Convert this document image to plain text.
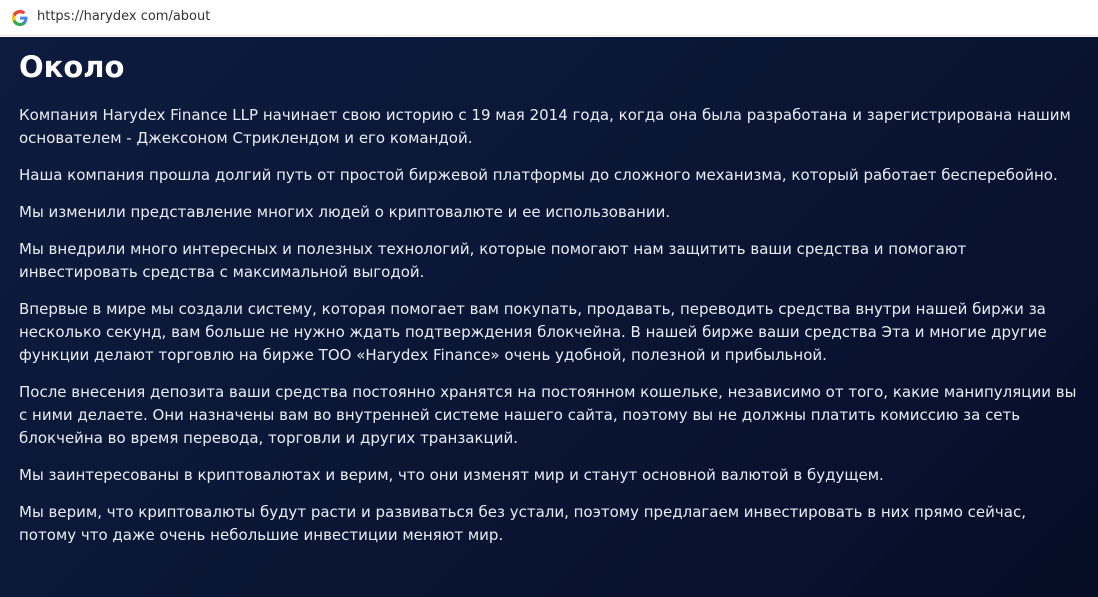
https://harydex com/about
Около

Компания Harydex Finance LLP начинает свою историю с 19 мая 2014 года, когда она была разработана и зарегистрирована нашим основателем - Джексоном Стриклендом и его командой.

Наша компания прошла долгий путь от простой биржевой платформы до сложного механизма, который работает бесперебойно.

Мы изменили представление многих людей о криптовалюте и ее использовании.

Мы внедрили много интересных и полезных технологий, которые помогают нам защитить ваши средства и помогают инвестировать средства с максимальной выгодой.

Впервые в мире мы создали систему, которая помогает вам покупать, продавать, переводить средства внутри нашей биржи за несколько секунд, вам больше не нужно ждать подтверждения блокчейна. В нашей бирже ваши средства Эта и многие другие функции делают торговлю на бирже ТОО «Harydex Finance» очень удобной, полезной и прибыльной.

После внесения депозита ваши средства постоянно хранятся на постоянном кошельке, независимо от того, какие манипуляции вы с ними делаете. Они назначены вам во внутренней системе нашего сайта, поэтому вы не должны платить комиссию за сеть блокчейна во время перевода, торговли и других транзакций.

Мы заинтересованы в криптовалютах и верим, что они изменят мир и станут основной валютой в будущем.

Мы верим, что криптовалюты будут расти и развиваться без устали, поэтому предлагаем инвестировать в них прямо сейчас, потому что даже очень небольшие инвестиции меняют мир.
